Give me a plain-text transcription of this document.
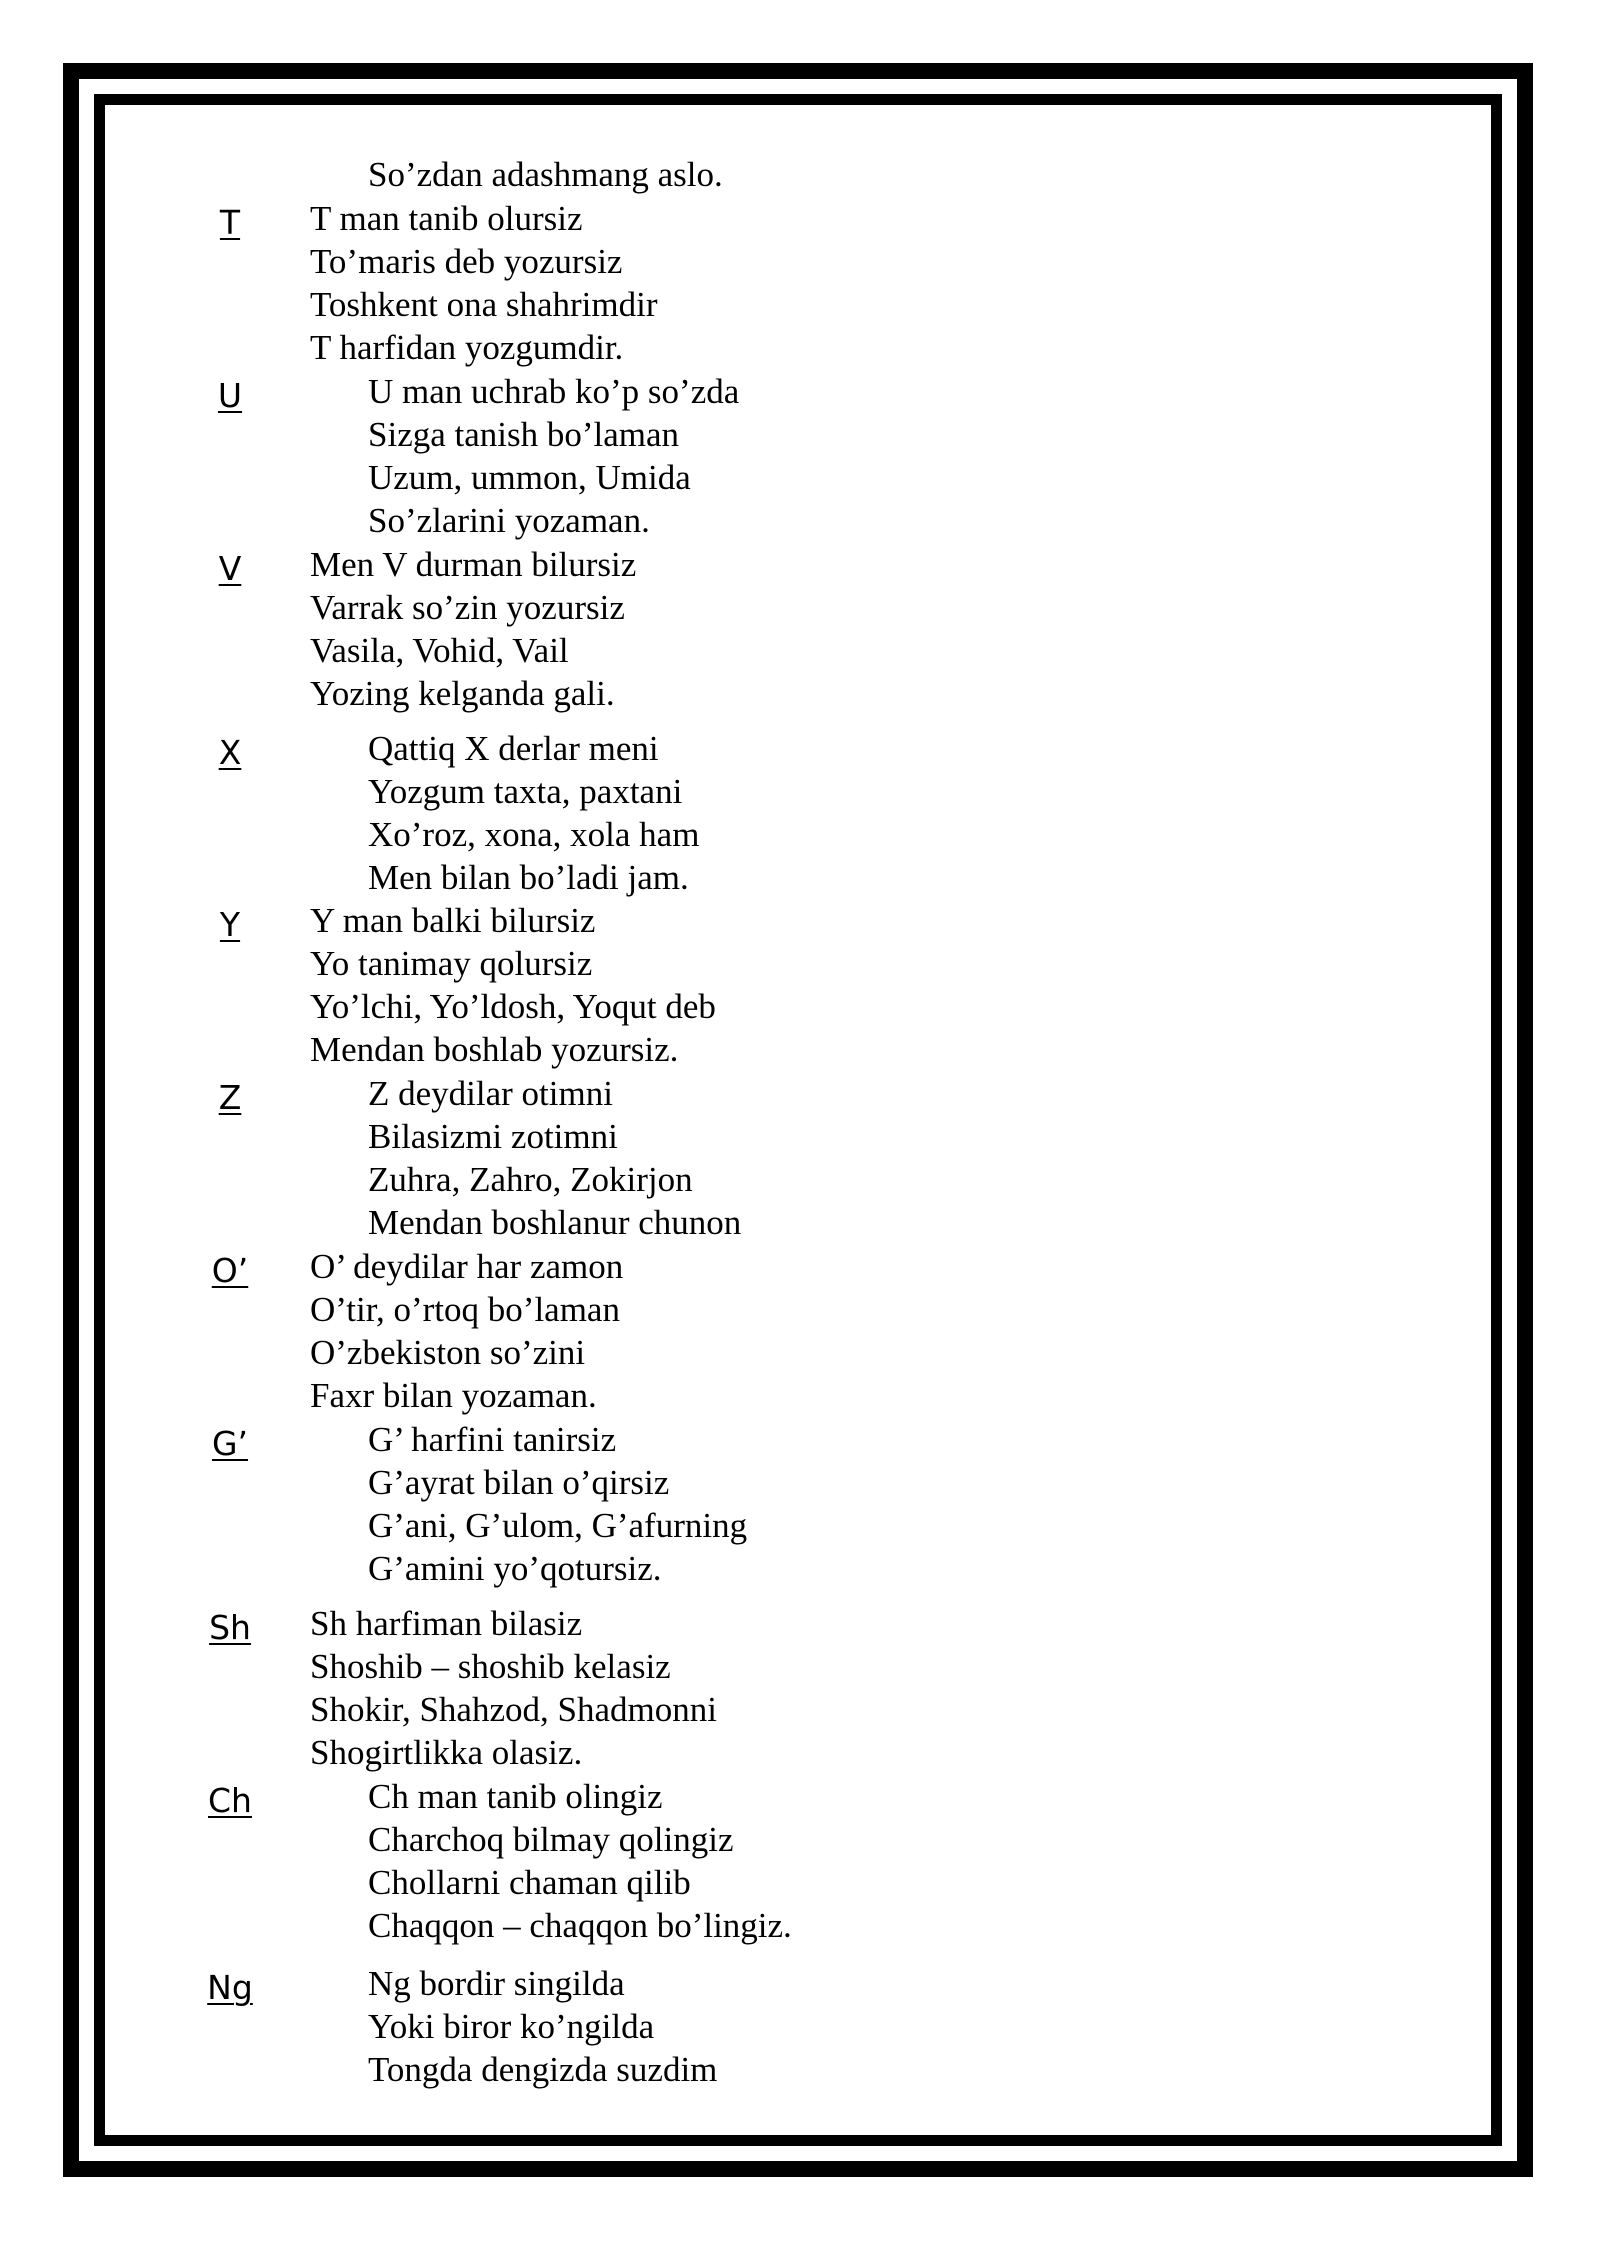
So’zdan adashmang aslo.
T	T man tanib olursiz
To’maris deb yozursiz
Toshkent ona shahrimdir
T harfidan yozgumdir.
U	U man uchrab ko’p so’zda
Sizga tanish bo’laman
Uzum, ummon, Umida
So’zlarini yozaman.
V	Men V durman bilursiz
Varrak so’zin yozursiz
Vasila, Vohid, Vail
Yozing kelganda gali.
X	Qattiq X derlar meni
Yozgum taxta, paxtani
Xo’roz, xona, xola ham
Men bilan bo’ladi jam.
Y	Y man balki bilursiz
Yo tanimay qolursiz
Yo’lchi, Yo’ldosh, Yoqut deb
Mendan boshlab yozursiz.
Z	Z deydilar otimni
Bilasizmi zotimni
Zuhra, Zahro, Zokirjon
Mendan boshlanur chunon
O’	O’ deydilar har zamon
O’tir, o’rtoq bo’laman
O’zbekiston so’zini
Faxr bilan yozaman.
G’	G’ harfini tanirsiz
G’ayrat bilan o’qirsiz
G’ani, G’ulom, G’afurning
G’amini yo’qotursiz.
Sh	Sh harfiman bilasiz
Shoshib – shoshib kelasiz
Shokir, Shahzod, Shadmonni
Shogirtlikka olasiz.
Ch	Ch man tanib olingiz
Charchoq bilmay qolingiz
Chollarni chaman qilib
Chaqqon – chaqqon bo’lingiz.
Ng	Ng bordir singilda
Yoki biror ko’ngilda
Tongda dengizda suzdim
